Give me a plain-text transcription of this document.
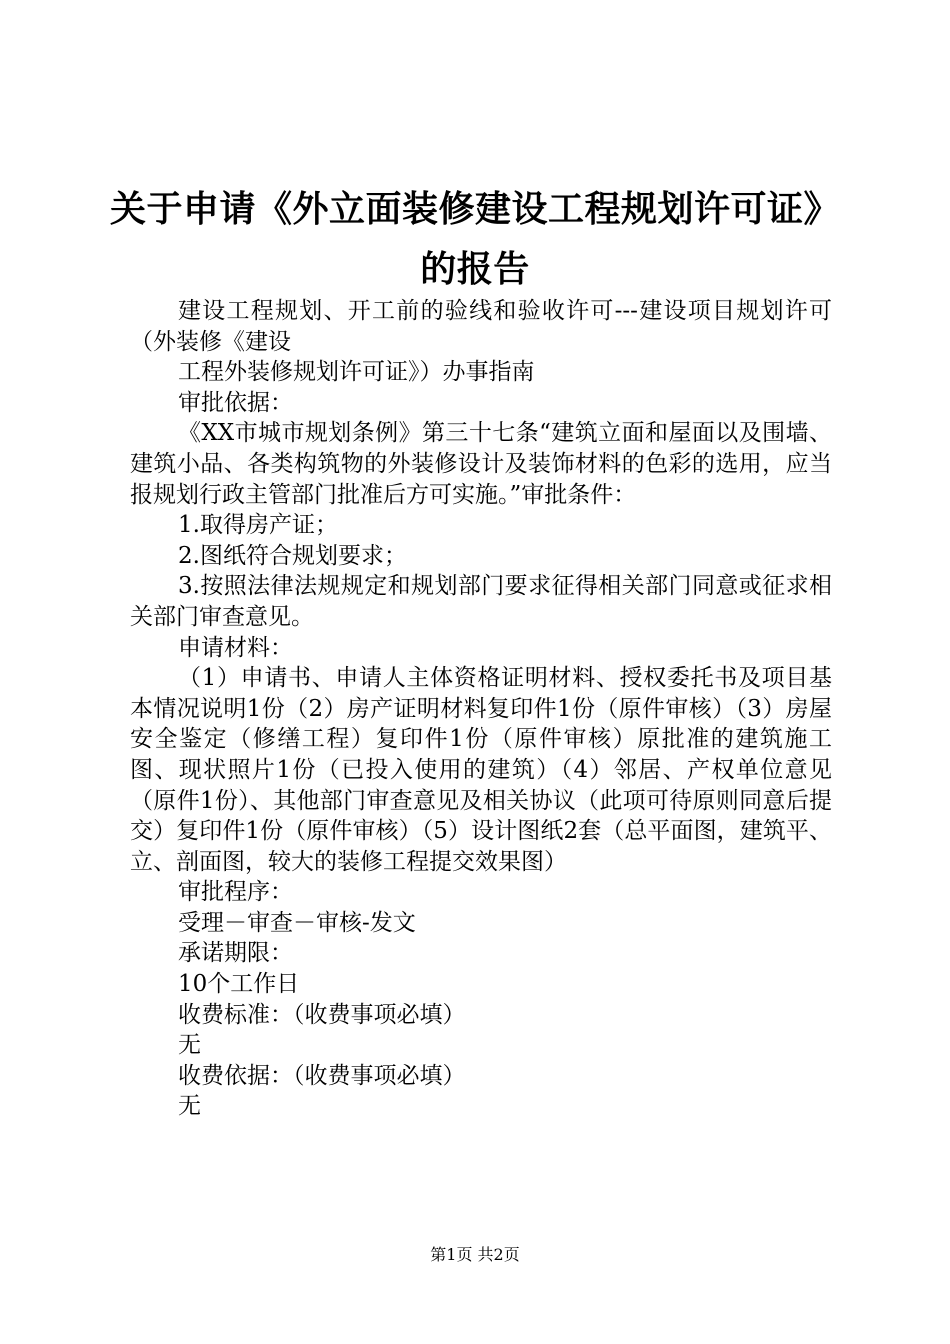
关于申请《外立面装修建设工程规划许可证》
的报告

建设工程规划、开工前的验线和验收许可---建设项目规划许可（外装修《建设

工程外装修规划许可证》）办事指南

审批依据：

《XX市城市规划条例》第三十七条“建筑立面和屋面以及围墙、建筑小品、各类构筑物的外装修设计及装饰材料的色彩的选用，应当报规划行政主管部门批准后方可实施。”审批条件：

1.取得房产证；

2.图纸符合规划要求；

3.按照法律法规规定和规划部门要求征得相关部门同意或征求相关部门审查意见。

申请材料：

（1）申请书、申请人主体资格证明材料、授权委托书及项目基本情况说明1份（2）房产证明材料复印件1份（原件审核）（3）房屋安全鉴定（修缮工程）复印件1份（原件审核）原批准的建筑施工图、现状照片1份（已投入使用的建筑）（4）邻居、产权单位意见（原件1份）、其他部门审查意见及相关协议（此项可待原则同意后提交）复印件1份（原件审核）（5）设计图纸2套（总平面图，建筑平、立、剖面图，较大的装修工程提交效果图）

审批程序：

受理－审查－审核-发文

承诺期限：

10个工作日

收费标准：（收费事项必填）

无

收费依据：（收费事项必填）

无

第1页 共2页
